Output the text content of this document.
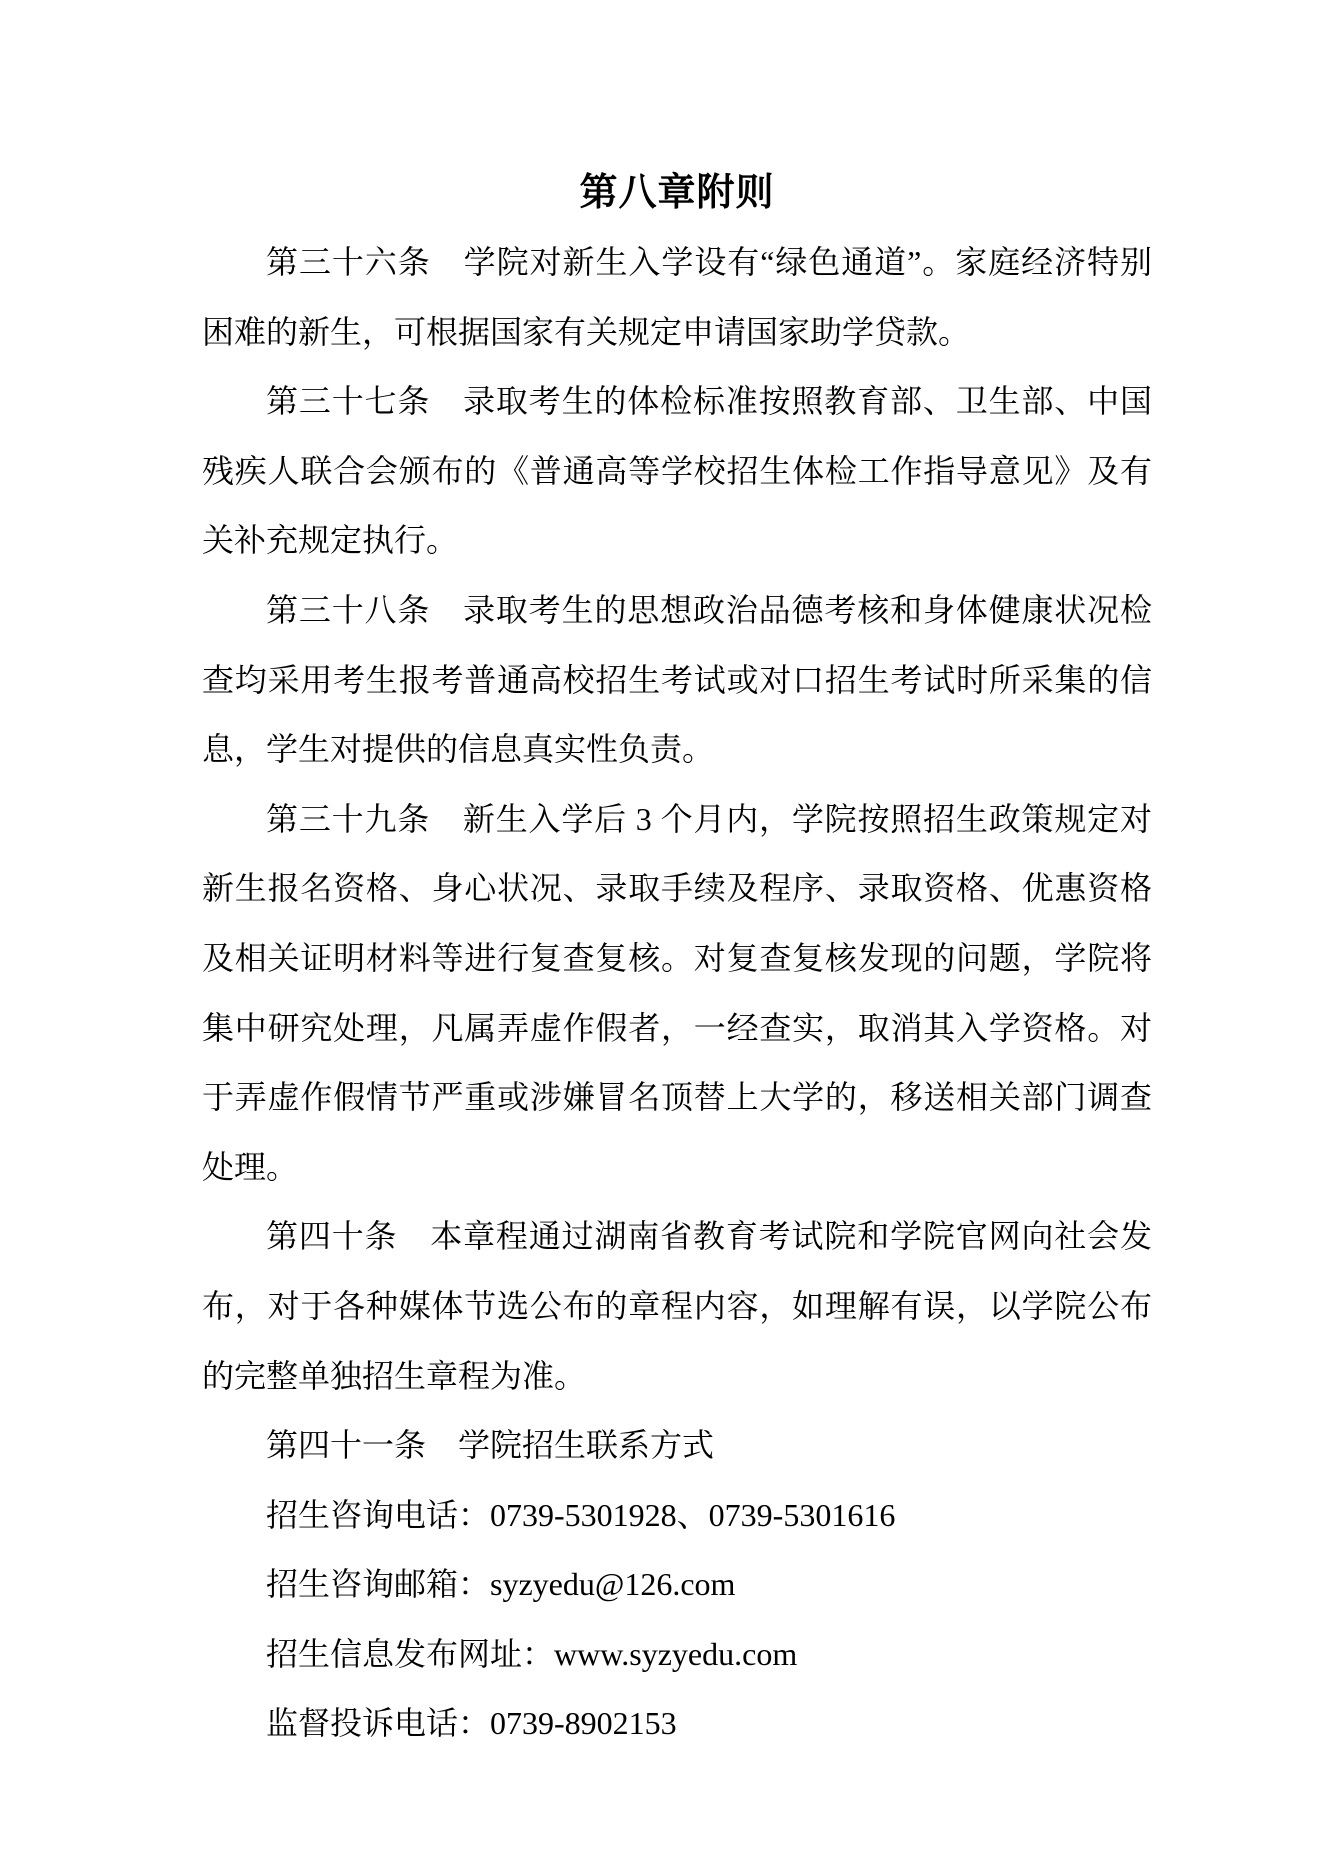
第八章附则

第三十六条　学院对新生入学设有“绿色通道”。家庭经济特别困难的新生，可根据国家有关规定申请国家助学贷款。

第三十七条　录取考生的体检标准按照教育部、卫生部、中国残疾人联合会颁布的《普通高等学校招生体检工作指导意见》及有关补充规定执行。

第三十八条　录取考生的思想政治品德考核和身体健康状况检查均采用考生报考普通高校招生考试或对口招生考试时所采集的信息，学生对提供的信息真实性负责。

第三十九条　新生入学后 3 个月内，学院按照招生政策规定对新生报名资格、身心状况、录取手续及程序、录取资格、优惠资格及相关证明材料等进行复查复核。对复查复核发现的问题，学院将集中研究处理，凡属弄虚作假者，一经查实，取消其入学资格。对于弄虚作假情节严重或涉嫌冒名顶替上大学的，移送相关部门调查处理。

第四十条　本章程通过湖南省教育考试院和学院官网向社会发布，对于各种媒体节选公布的章程内容，如理解有误，以学院公布的完整单独招生章程为准。

第四十一条　学院招生联系方式

招生咨询电话：0739-5301928、0739-5301616

招生咨询邮箱：syzyedu@126.com

招生信息发布网址：www.syzyedu.com

监督投诉电话：0739-8902153
